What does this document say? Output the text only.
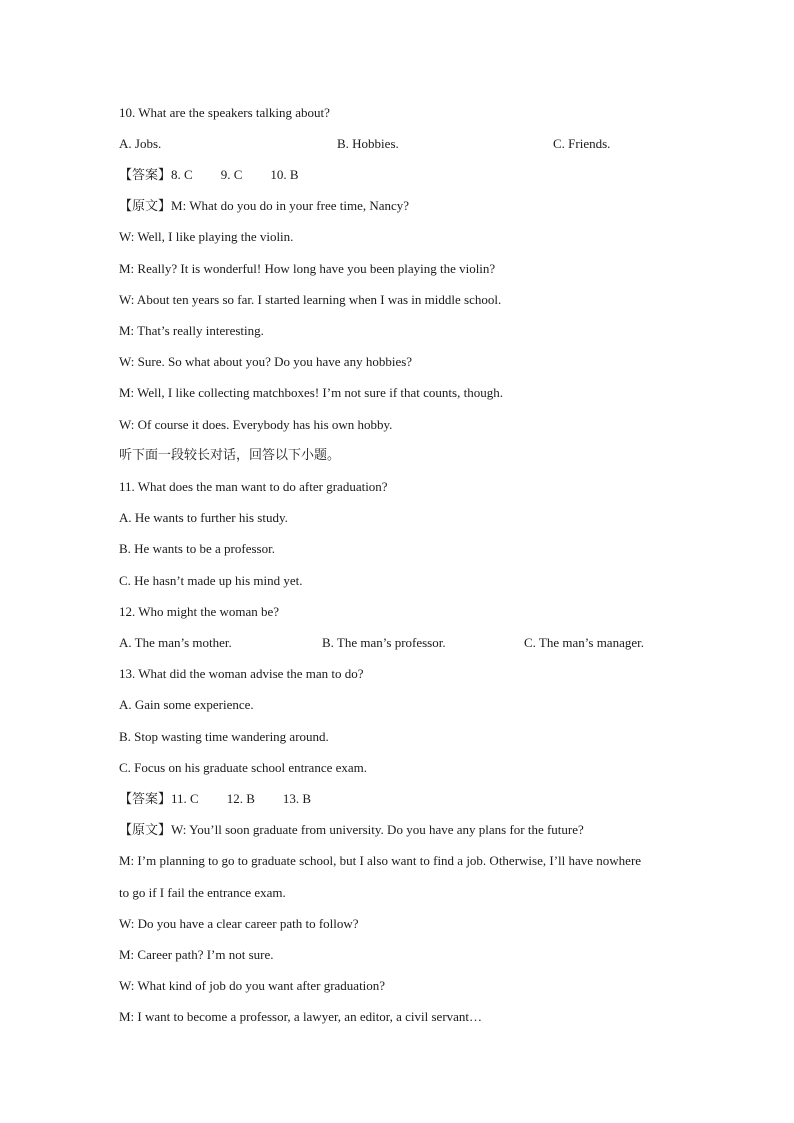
10. What are the speakers talking about?
A. Jobs.	B. Hobbies.	C. Friends.
【答案】8. C 9. C 10. B
【原文】M: What do you do in your free time, Nancy?
W: Well, I like playing the violin.
M: Really? It is wonderful! How long have you been playing the violin?
W: About ten years so far. I started learning when I was in middle school.
M: That’s really interesting.
W: Sure. So what about you? Do you have any hobbies?
M: Well, I like collecting matchboxes! I’m not sure if that counts, though.
W: Of course it does. Everybody has his own hobby.
听下面一段较长对话，回答以下小题。
11. What does the man want to do after graduation?
A. He wants to further his study.
B. He wants to be a professor.
C. He hasn’t made up his mind yet.
12. Who might the woman be?
A. The man’s mother.	B. The man’s professor.	C. The man’s manager.
13. What did the woman advise the man to do?
A. Gain some experience.
B. Stop wasting time wandering around.
C. Focus on his graduate school entrance exam.
【答案】11. C 12. B 13. B
【原文】W: You’ll soon graduate from university. Do you have any plans for the future?
M: I’m planning to go to graduate school, but I also want to find a job. Otherwise, I’ll have nowhere
to go if I fail the entrance exam.
W: Do you have a clear career path to follow?
M: Career path? I’m not sure.
W: What kind of job do you want after graduation?
M: I want to become a professor, a lawyer, an editor, a civil servant…
